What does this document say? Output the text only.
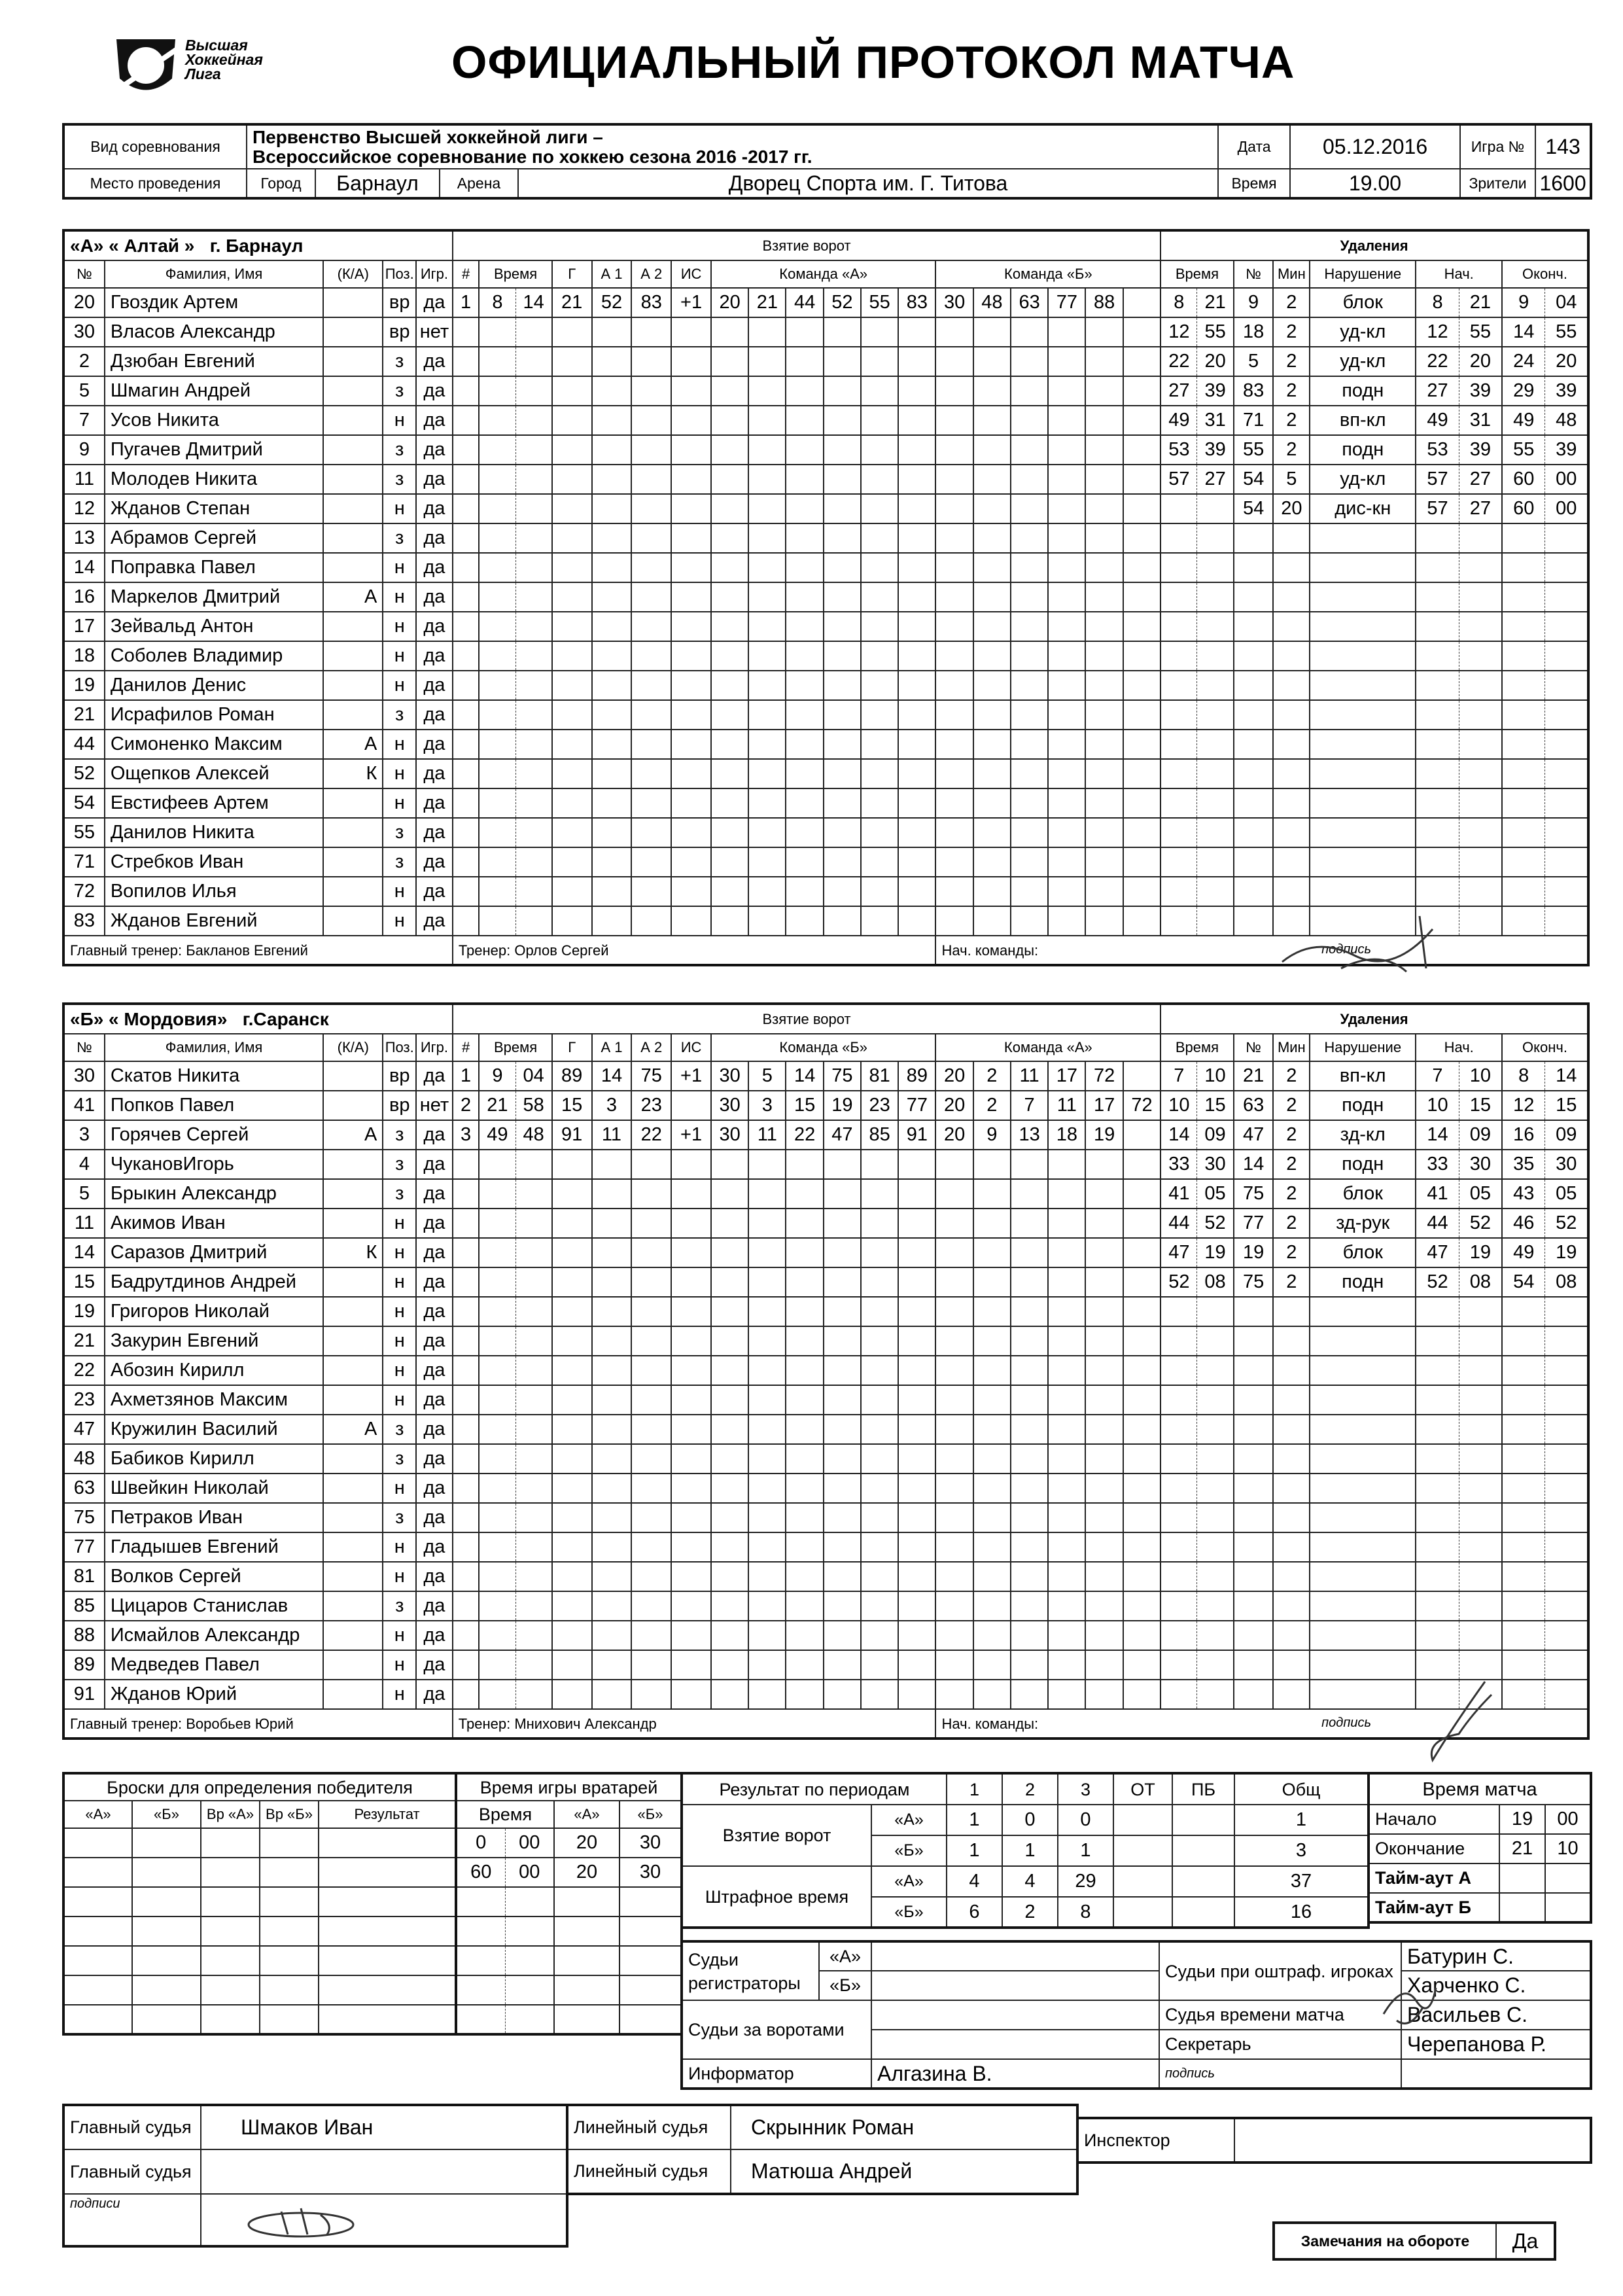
Высшая
Хоккейная
Лига	ОФИЦИАЛЬНЫЙ ПРОТОКОЛ МАТЧА
Вид соревнования	Первенство Высшей хоккейной лиги –
Всероссийское соревнование по хоккею сезона 2016 -2017 гг.				Дата	05.12.2016	Игра №	143
Место проведения	Город	Барнаул	Арена	Дворец Спорта им. Г. Титова	Время	19.00	Зрители	1600
«А» « Алтай » г. Барнаул					Взятие ворот																			Удаления								
№	Фамилия, Имя	(К/А)	Поз.	Игр.	#	Время		Г	А 1	А 2	ИС	Команда «А»						Команда «Б»						Время		№	Мин	Нарушение	Нач.		Оконч.	
20	Гвоздик Артем		вр	да	1	8	14	21	52	83	+1	20	21	44	52	55	83	30	48	63	77	88		8	21	9	2	блок	8	21	9	04
30	Власов Александр		вр	нет																				12	55	18	2	уд-кл	12	55	14	55
2	Дзюбан Евгений		з	да																				22	20	5	2	уд-кл	22	20	24	20
5	Шмагин Андрей		з	да																				27	39	83	2	подн	27	39	29	39
7	Усов Никита		н	да																				49	31	71	2	вп-кл	49	31	49	48
9	Пугачев Дмитрий		з	да																				53	39	55	2	подн	53	39	55	39
11	Молодев Никита		з	да																				57	27	54	5	уд-кл	57	27	60	00
12	Жданов Степан		н	да																						54	20	дис-кн	57	27	60	00
13	Абрамов Сергей		з	да																												
14	Поправка Павел		н	да																												
16	Маркелов Дмитрий	А	н	да																												
17	Зейвальд Антон		н	да																												
18	Соболев Владимир		н	да																												
19	Данилов Денис		н	да																												
21	Исрафилов Роман		з	да																												
44	Симоненко Максим	А	н	да																												
52	Ощепков Алексей	К	н	да																												
54	Евстифеев Артем		н	да																												
55	Данилов Никита		з	да																												
71	Стребков Иван		з	да																												
72	Вопилов Илья		н	да																												
83	Жданов Евгений		н	да																												
Главный тренер: Бакланов Евгений					Тренер: Орлов Сергей													Нач. команды: подпись														
«Б» « Мордовия» г.Саранск					Взятие ворот																			Удаления								
№	Фамилия, Имя	(К/А)	Поз.	Игр.	#	Время		Г	А 1	А 2	ИС	Команда «Б»						Команда «А»						Время		№	Мин	Нарушение	Нач.		Оконч.	
30	Скатов Никита		вр	да	1	9	04	89	14	75	+1	30	5	14	75	81	89	20	2	11	17	72		7	10	21	2	вп-кл	7	10	8	14
41	Попков Павел		вр	нет	2	21	58	15	3	23		30	3	15	19	23	77	20	2	7	11	17	72	10	15	63	2	подн	10	15	12	15
3	Горячев Сергей	А	з	да	3	49	48	91	11	22	+1	30	11	22	47	85	91	20	9	13	18	19		14	09	47	2	зд-кл	14	09	16	09
4	ЧукановИгорь		з	да																				33	30	14	2	подн	33	30	35	30
5	Брыкин Александр		з	да																				41	05	75	2	блок	41	05	43	05
11	Акимов Иван		н	да																				44	52	77	2	зд-рук	44	52	46	52
14	Саразов Дмитрий	К	н	да																				47	19	19	2	блок	47	19	49	19
15	Бадрутдинов Андрей		н	да																				52	08	75	2	подн	52	08	54	08
19	Григоров Николай		н	да																												
21	Закурин Евгений		н	да																												
22	Абозин Кирилл		н	да																												
23	Ахметзянов Максим		н	да																												
47	Кружилин Василий	А	з	да																												
48	Бабиков Кирилл		з	да																												
63	Швейкин Николай		н	да																												
75	Петраков Иван		з	да																												
77	Гладышев Евгений		н	да																												
81	Волков Сергей		н	да																												
85	Цицаров Станислав		з	да																												
88	Исмайлов Александр		н	да																												
89	Медведев Павел		н	да																												
91	Жданов Юрий		н	да																												
Главный тренер: Воробьев Юрий					Тренер: Мнихович Александр													Нач. команды: подпись														
Броски для определения победителя				
«А»	«Б»	Вр «А»	Вр «Б»	Результат

Время игры вратарей			
Время		«А»	«Б»
0	00	20	30
60	00	20	30

Результат по периодам		1	2	3	ОТ	ПБ	Общ
Взятие ворот	«А»	1	0	0			1
	«Б»	1	1	1			3
Штрафное время	«А»	4	4	29			37
	«Б»	6	2	8			16
Время матча		
Начало	19	00
Окончание	21	10
Тайм-аут А		
Тайм-аут Б		
Судьи регистраторы	«А»		Судьи при оштраф. игроках	Батурин С.
	«Б»			Харченко С.
Судьи за воротами			Судья времени матча	Васильев С.
			Секретарь	Черепанова Р.
Информатор		Алгазина В.	подпись	
Главный судья	Шмаков Иван
Главный судья	
подписи	
Линейный судья	Скрынник Роман
Линейный судья	Матюша Андрей
Инспектор	
Замечания на обороте	Да
